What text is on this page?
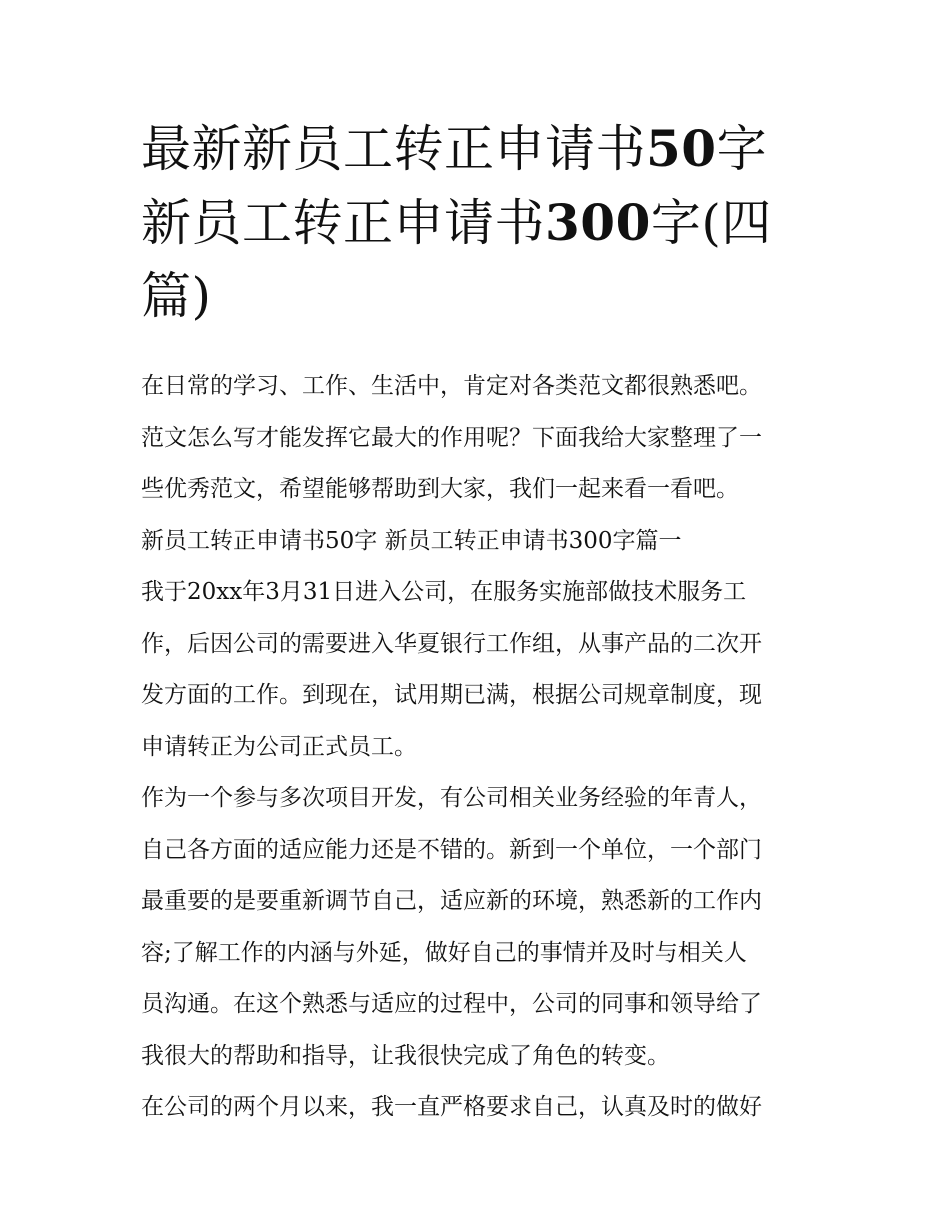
最新新员工转正申请书50字
新员工转正申请书300字(四
篇)
在日常的学习、工作、生活中，肯定对各类范文都很熟悉吧。
范文怎么写才能发挥它最大的作用呢？下面我给大家整理了一
些优秀范文，希望能够帮助到大家，我们一起来看一看吧。
新员工转正申请书50字 新员工转正申请书300字篇一
我于20xx年3月31日进入公司，在服务实施部做技术服务工
作，后因公司的需要进入华夏银行工作组，从事产品的二次开
发方面的工作。到现在，试用期已满，根据公司规章制度，现
申请转正为公司正式员工。
作为一个参与多次项目开发，有公司相关业务经验的年青人，
自己各方面的适应能力还是不错的。新到一个单位，一个部门
最重要的是要重新调节自己，适应新的环境，熟悉新的工作内
容;了解工作的内涵与外延，做好自己的事情并及时与相关人
员沟通。在这个熟悉与适应的过程中，公司的同事和领导给了
我很大的帮助和指导，让我很快完成了角色的转变。
在公司的两个月以来，我一直严格要求自己，认真及时的做好
